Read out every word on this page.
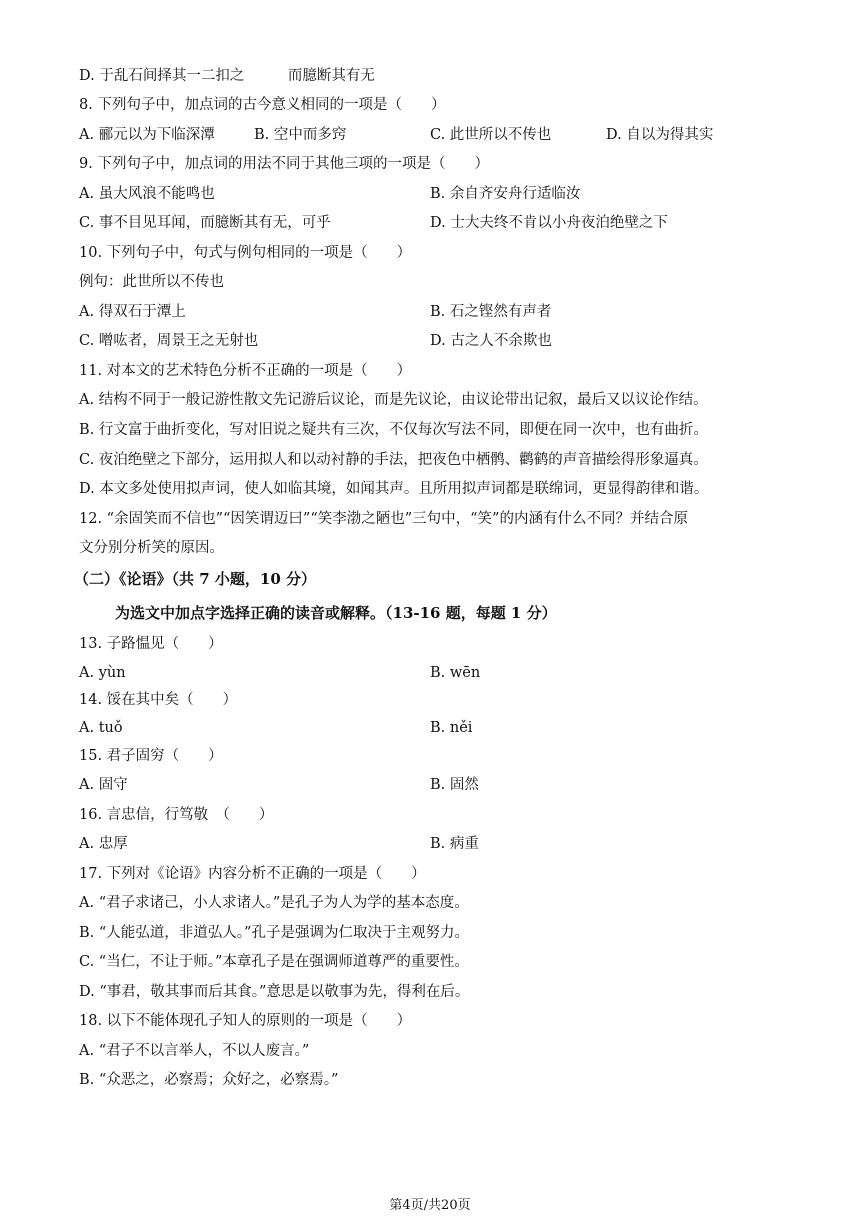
D. 于乱石间择其一二扣之　　　而臆断其有无
8. 下列句子中，加点词的古今意义相同的一项是（　　）
A. 郦元以为下临深潭	B. 空中而多窍	C. 此世所以不传也	D. 自以为得其实
9. 下列句子中，加点词的用法不同于其他三项的一项是（　　）
A. 虽大风浪不能鸣也	B. 余自齐安舟行适临汝
C. 事不目见耳闻，而臆断其有无，可乎	D. 士大夫终不肯以小舟夜泊绝壁之下
10. 下列句子中，句式与例句相同的一项是（　　）
例句：此世所以不传也
A. 得双石于潭上	B. 石之铿然有声者
C. 噌吰者，周景王之无射也	D. 古之人不余欺也
11. 对本文的艺术特色分析不正确的一项是（　　）
A. 结构不同于一般记游性散文先记游后议论，而是先议论，由议论带出记叙，最后又以议论作结。
B. 行文富于曲折变化，写对旧说之疑共有三次，不仅每次写法不同，即便在同一次中，也有曲折。
C. 夜泊绝壁之下部分，运用拟人和以动衬静的手法，把夜色中栖鹘、鹳鹤的声音描绘得形象逼真。
D. 本文多处使用拟声词，使人如临其境，如闻其声。且所用拟声词都是联绵词，更显得韵律和谐。
12. “余固笑而不信也”“因笑谓迈曰”“笑李渤之陋也”三句中，“笑”的内涵有什么不同？并结合原
文分别分析笑的原因。
（二）《论语》（共 7 小题，10 分）
为选文中加点字选择正确的读音或解释。（13-16 题，每题 1 分）
13. 子路愠见（　　）
A. yùn	B. wēn
14. 馁在其中矣（　　）
A. tuǒ	B. něi
15. 君子固穷（　　）
A. 固守	B. 固然
16. 言忠信，行笃敬　（　　）
A. 忠厚	B. 病重
17. 下列对《论语》内容分析不正确的一项是（　　）
A. “君子求诸己，小人求诸人。”是孔子为人为学的基本态度。
B. “人能弘道，非道弘人。”孔子是强调为仁取决于主观努力。
C. “当仁，不让于师。”本章孔子是在强调师道尊严的重要性。
D. “事君，敬其事而后其食。”意思是以敬事为先，得利在后。
18. 以下不能体现孔子知人的原则的一项是（　　）
A. “君子不以言举人，不以人废言。”
B. “众恶之，必察焉；众好之，必察焉。”
第4页/共20页
